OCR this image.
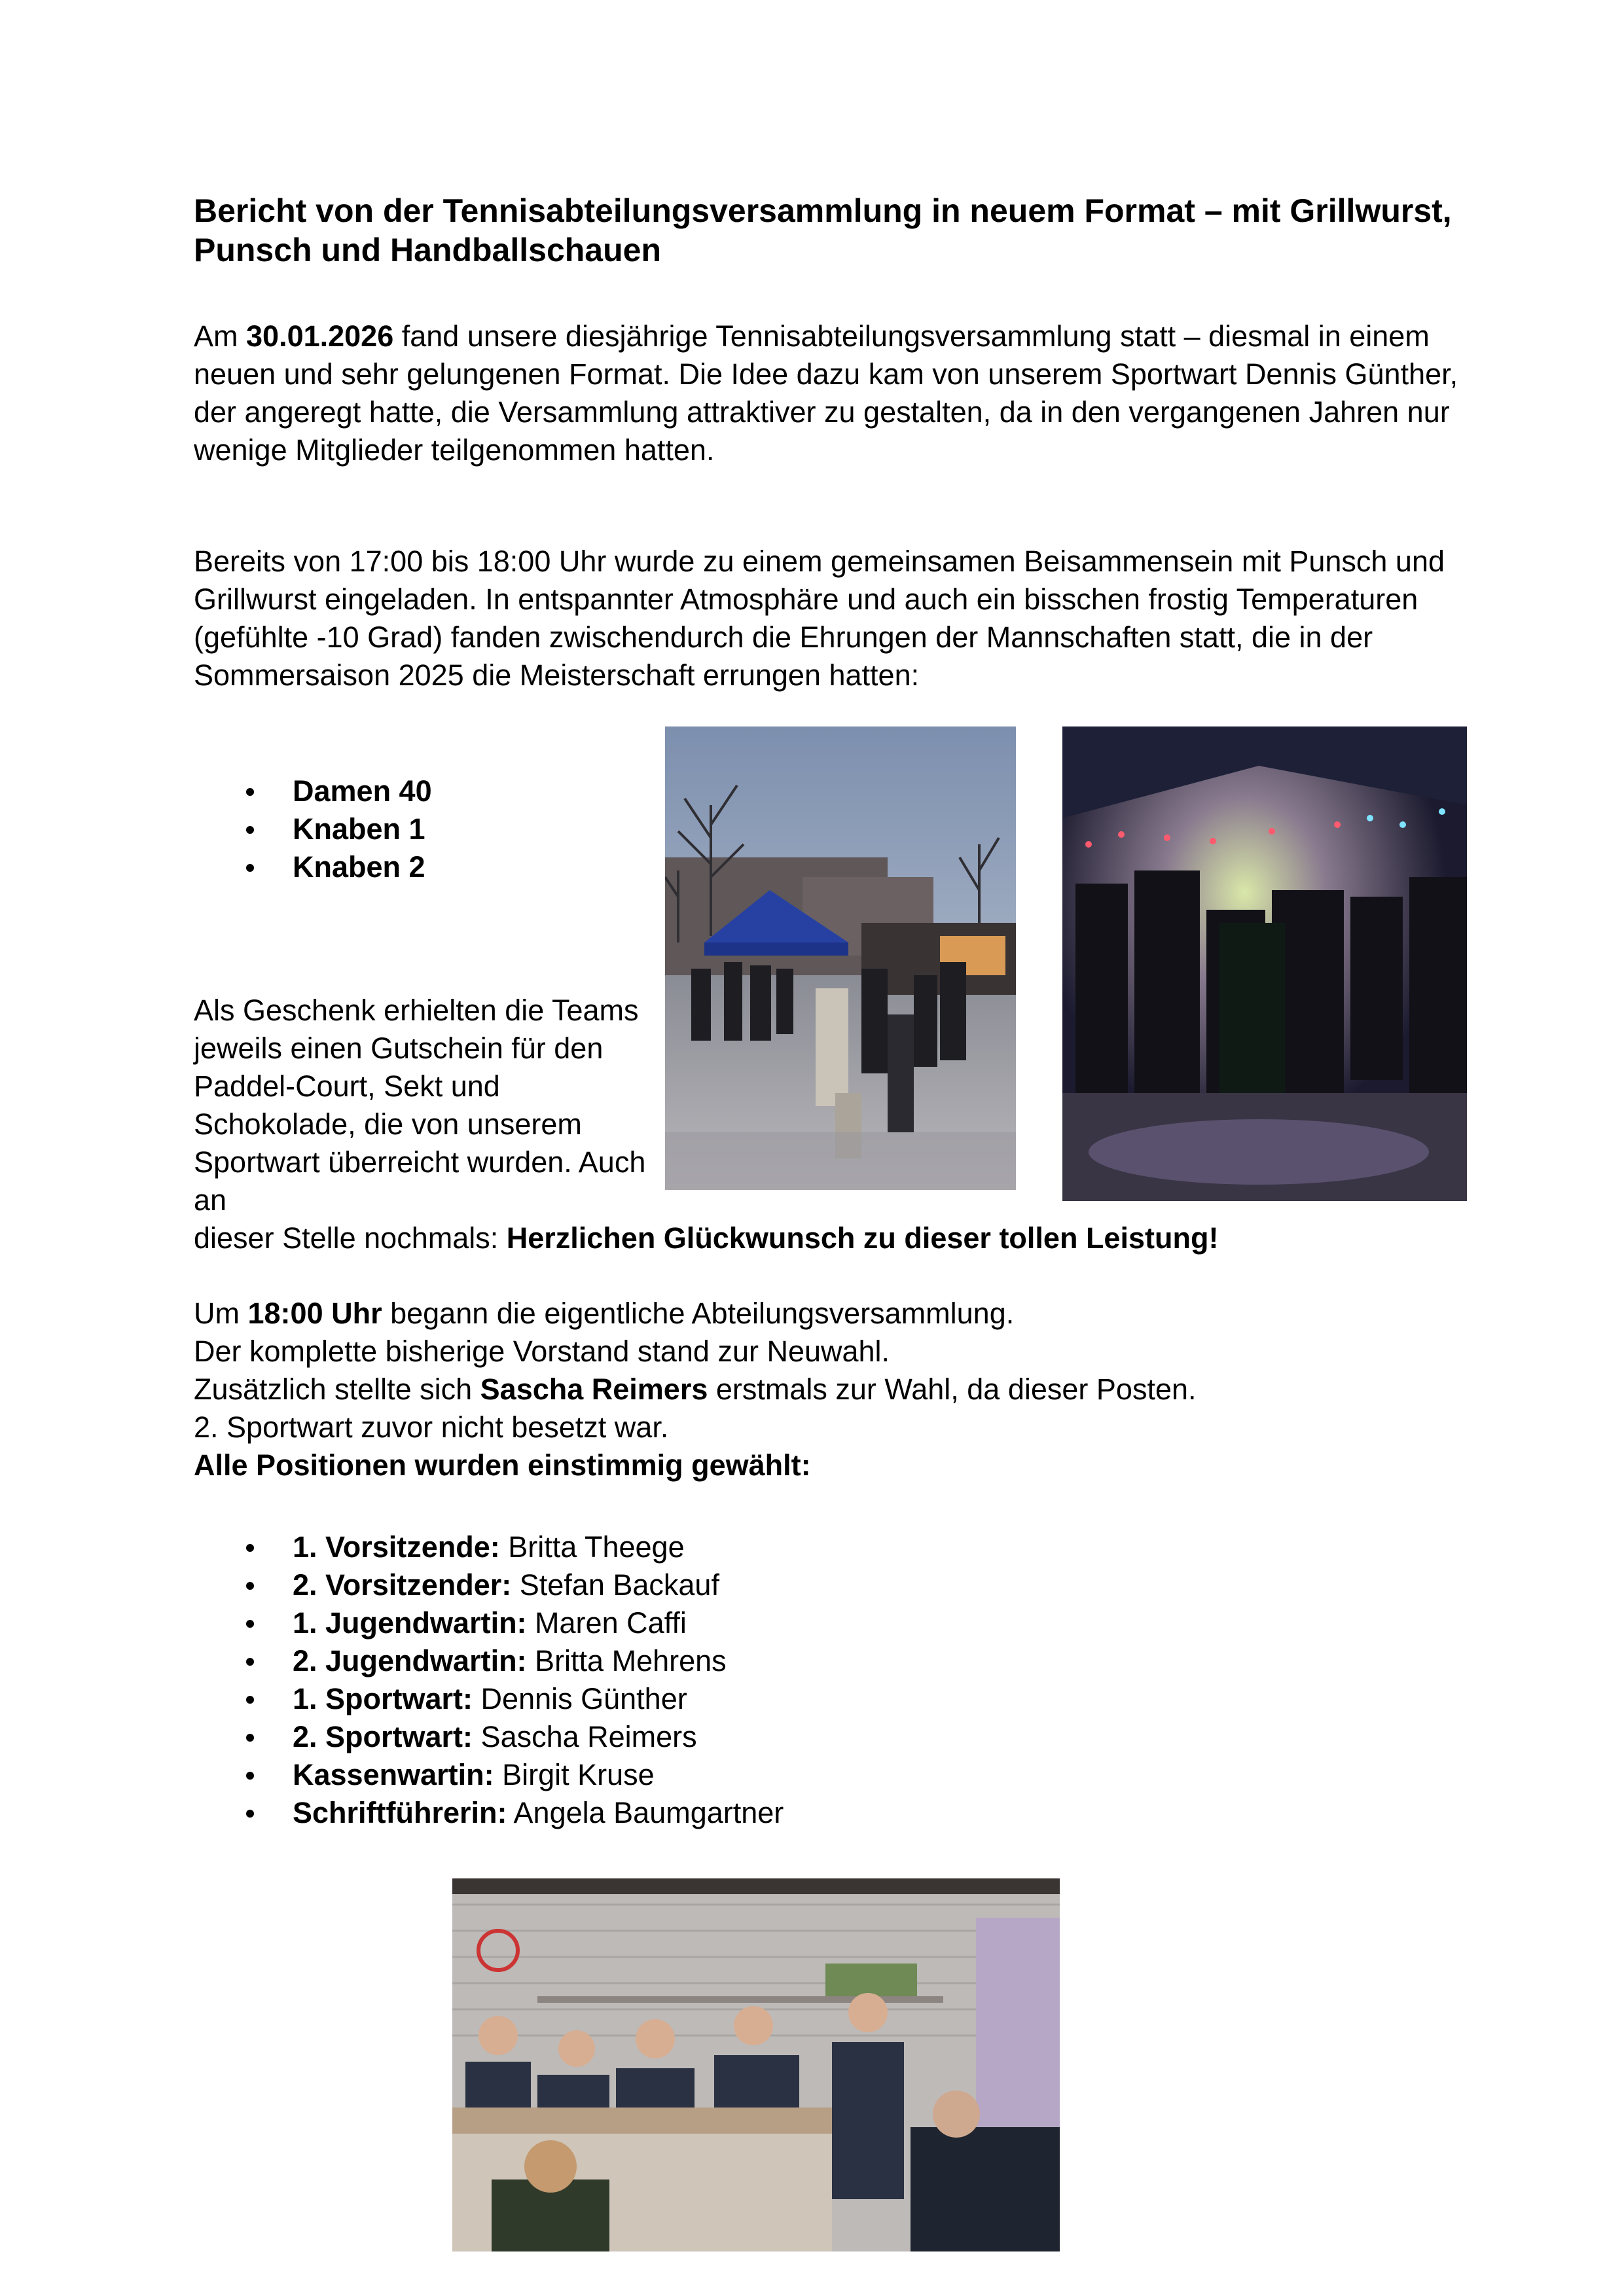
Bericht von der Tennisabteilungsversammlung in neuem Format – mit Grillwurst, Punsch und Handballschauen

Am 30.01.2026 fand unsere diesjährige Tennisabteilungsversammlung statt – diesmal in einem neuen und sehr gelungenen Format. Die Idee dazu kam von unserem Sportwart Dennis Günther, der angeregt hatte, die Versammlung attraktiver zu gestalten, da in den vergangenen Jahren nur wenige Mitglieder teilgenommen hatten.

Bereits von 17:00 bis 18:00 Uhr wurde zu einem gemeinsamen Beisammensein mit Punsch und Grillwurst eingeladen. In entspannter Atmosphäre und auch ein bisschen frostig Temperaturen (gefühlte -10 Grad) fanden zwischendurch die Ehrungen der Mannschaften statt, die in der Sommersaison 2025 die Meisterschaft errungen hatten:

Damen 40
Knaben 1
Knaben 2

Als Geschenk erhielten die Teams jeweils einen Gutschein für den Paddel-Court, Sekt und Schokolade, die von unserem Sportwart überreicht wurden. Auch an

dieser Stelle nochmals: Herzlichen Glückwunsch zu dieser tollen Leistung!

Um 18:00 Uhr begann die eigentliche Abteilungsversammlung.
Der komplette bisherige Vorstand stand zur Neuwahl.
Zusätzlich stellte sich Sascha Reimers erstmals zur Wahl, da dieser Posten.
2. Sportwart zuvor nicht besetzt war.
Alle Positionen wurden einstimmig gewählt:
1. Vorsitzende: Britta Theege
2. Vorsitzender: Stefan Backauf
1. Jugendwartin: Maren Caffi
2. Jugendwartin: Britta Mehrens
1. Sportwart: Dennis Günther
2. Sportwart: Sascha Reimers
Kassenwartin: Birgit Kruse
Schriftführerin: Angela Baumgartner
